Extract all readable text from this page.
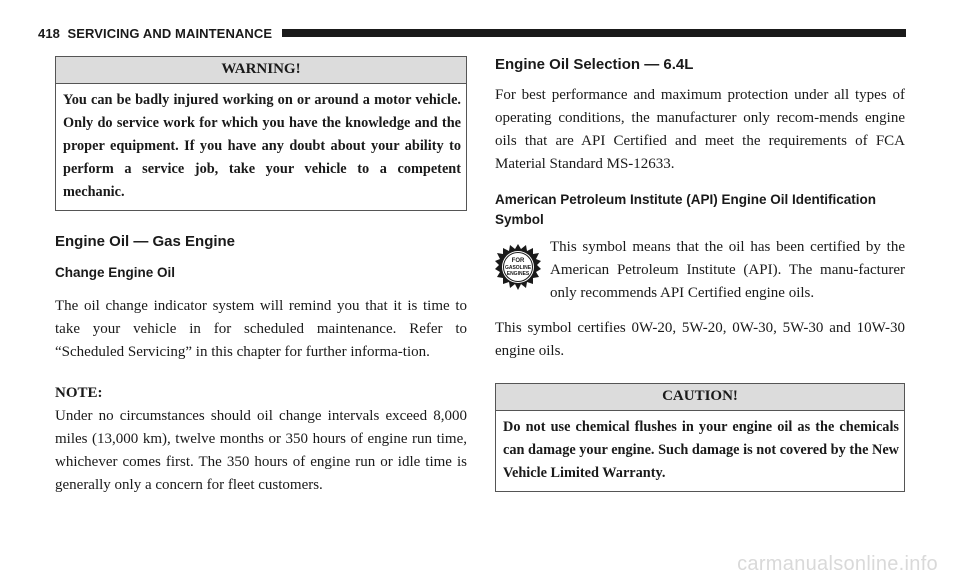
418 SERVICING AND MAINTENANCE
WARNING!
You can be badly injured working on or around a motor vehicle. Only do service work for which you have the knowledge and the proper equipment. If you have any doubt about your ability to perform a service job, take your vehicle to a competent mechanic.
Engine Oil — Gas Engine
Change Engine Oil

The oil change indicator system will remind you that it is time to take your vehicle in for scheduled maintenance. Refer to “Scheduled Servicing” in this chapter for further informa-tion.

NOTE:

Under no circumstances should oil change intervals exceed 8,000 miles (13,000 km), twelve months or 350 hours of engine run time, whichever comes first. The 350 hours of engine run or idle time is generally only a concern for fleet customers.

Engine Oil Selection — 6.4L

For best performance and maximum protection under all types of operating conditions, the manufacturer only recom-mends engine oils that are API Certified and meet the requirements of FCA Material Standard MS-12633.

American Petroleum Institute (API) Engine Oil Identification Symbol
FOR
GASOLINE
ENGINES

This symbol means that the oil has been certified by the American Petroleum Institute (API). The manu-facturer only recommends API Certified engine oils.

This symbol certifies 0W-20, 5W-20, 0W-30, 5W-30 and 10W-30 engine oils.

CAUTION!
Do not use chemical flushes in your engine oil as the chemicals can damage your engine. Such damage is not covered by the New Vehicle Limited Warranty.
carmanualsonline.info
